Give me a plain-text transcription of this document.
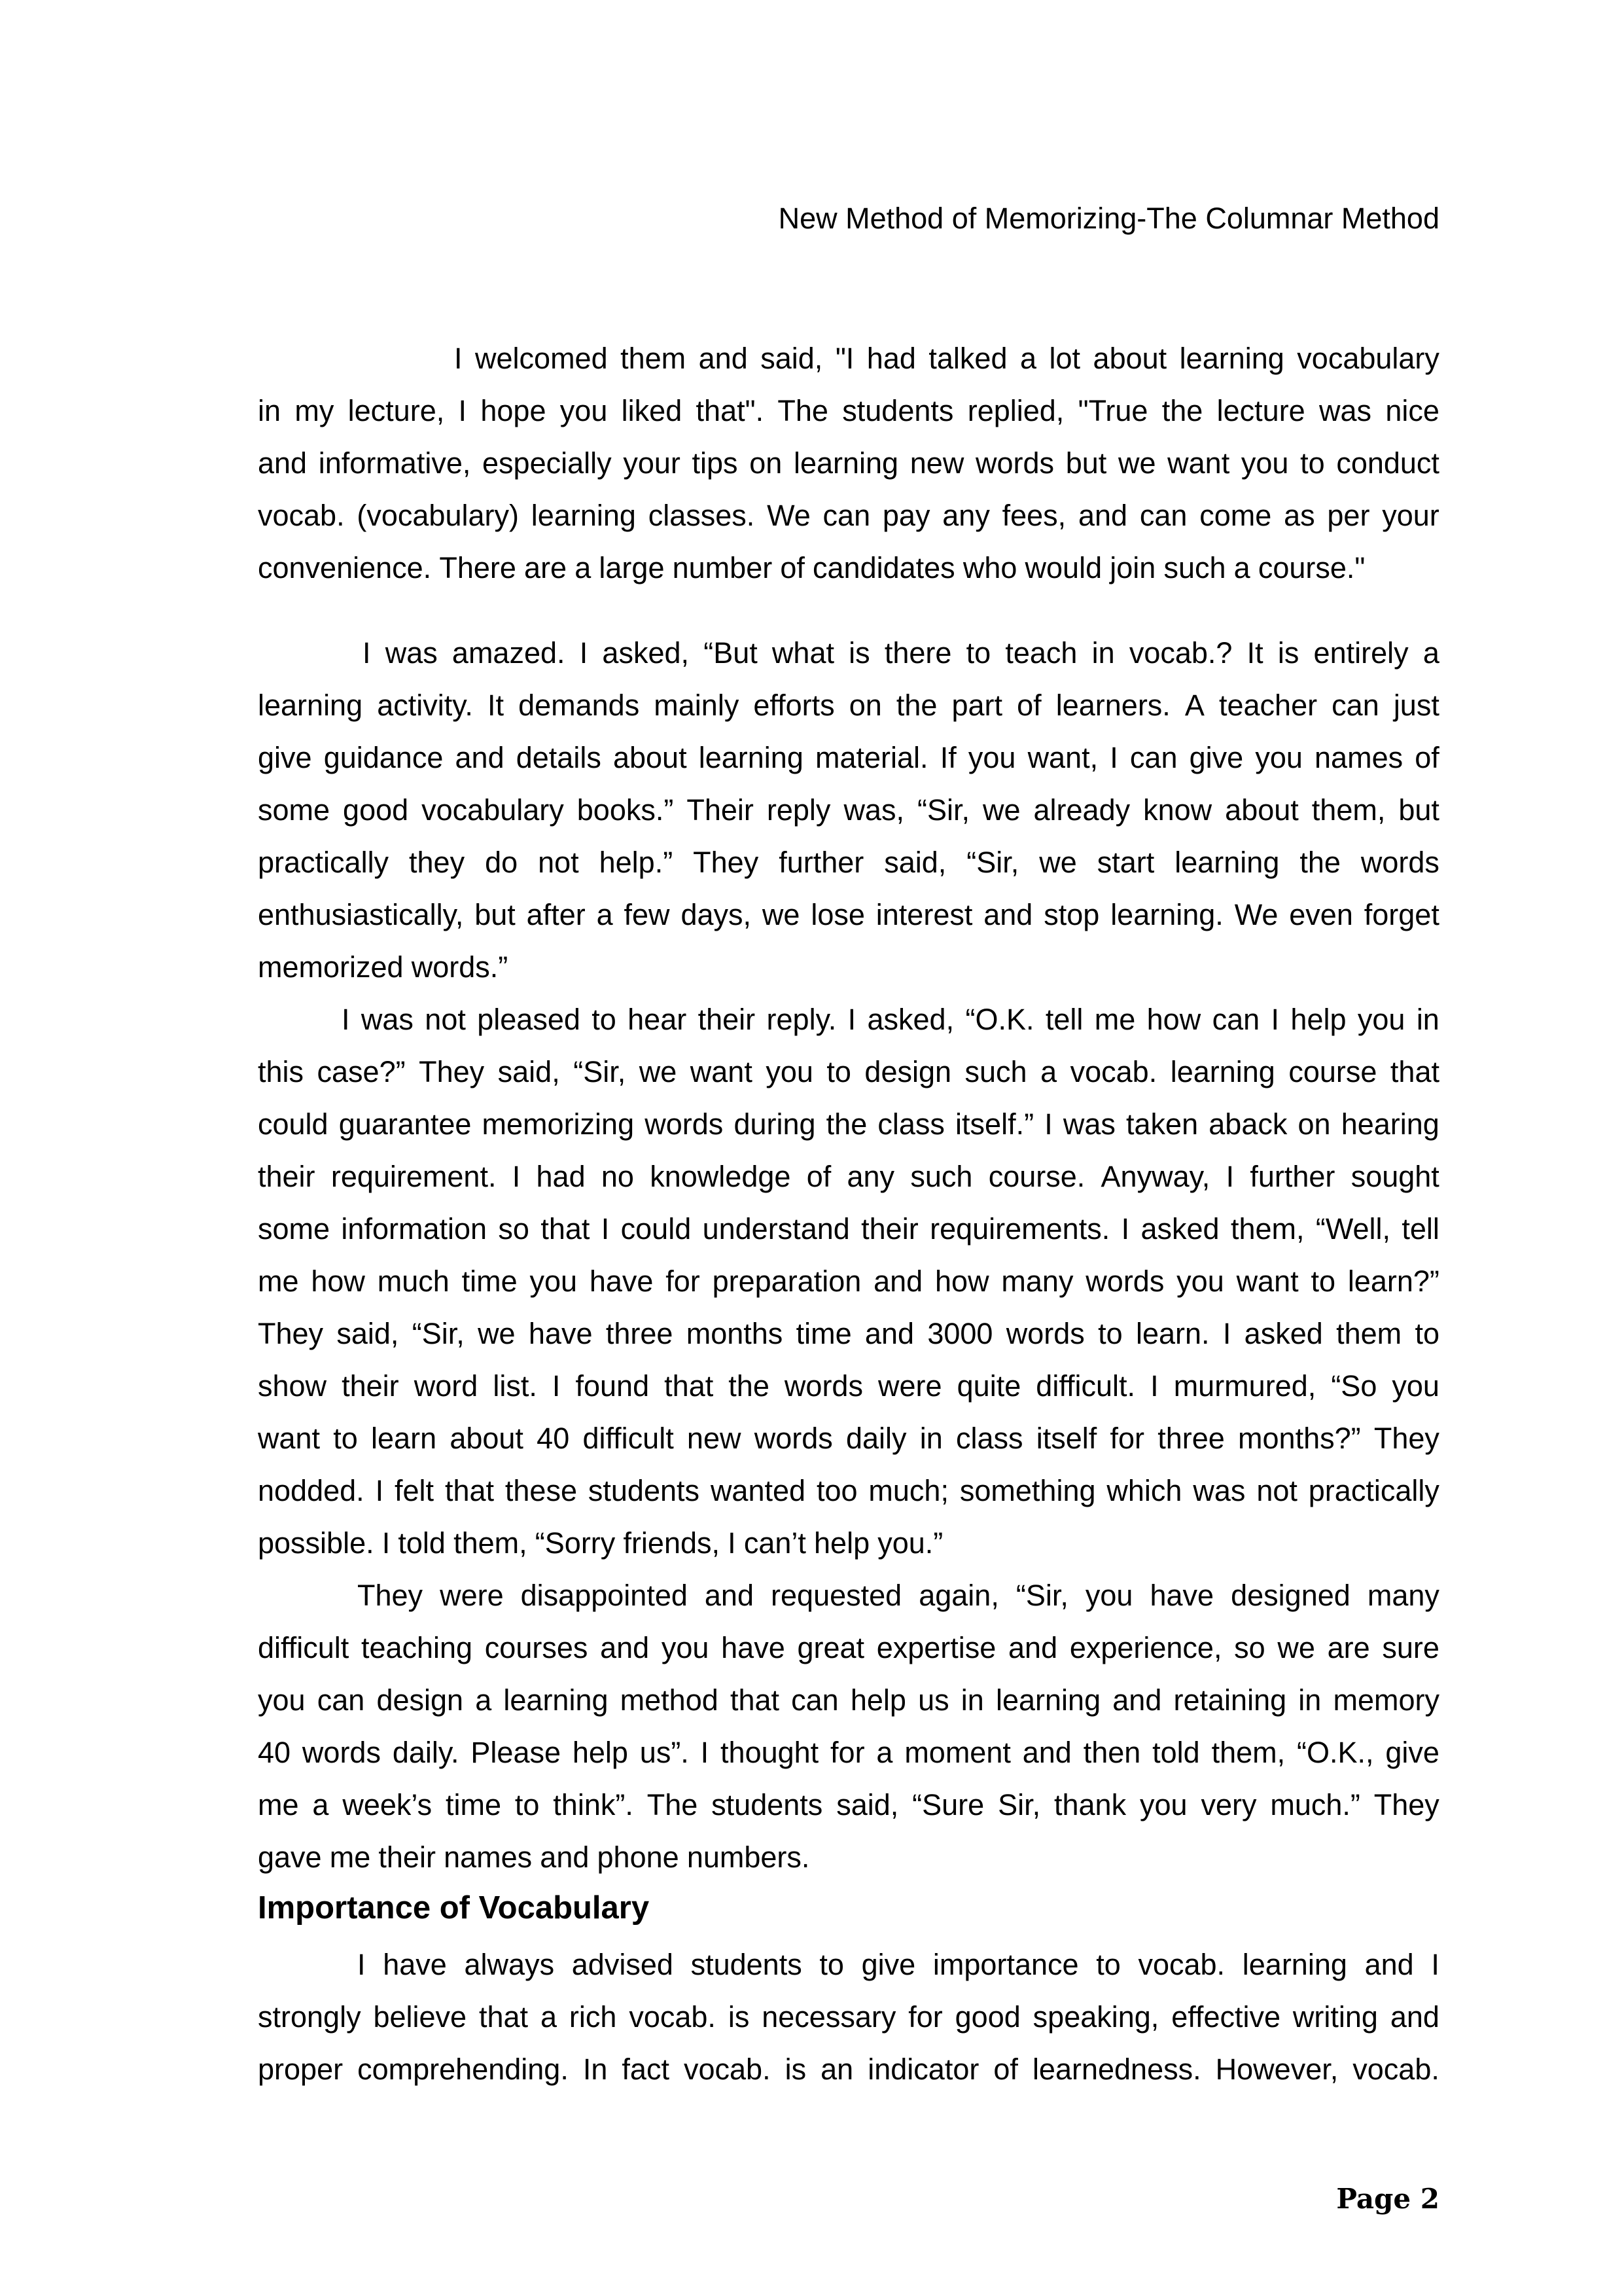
New Method of Memorizing-The Columnar Method
I welcomed them and said, "I had talked a lot about learning vocabulary
in my lecture, I hope you liked that". The students replied, "True the lecture was nice
and informative, especially your tips on learning new words but we want you to conduct
vocab. (vocabulary) learning classes. We can pay any fees, and can come as per your
convenience. There are a large number of candidates who would join such a course."
I was amazed. I asked, “But what is there to teach in vocab.? It is entirely a
learning activity. It demands mainly efforts on the part of learners. A teacher can just
give guidance and details about learning material. If you want, I can give you names of
some good vocabulary books.” Their reply was, “Sir, we already know about them, but
practically they do not help.” They further said, “Sir, we start learning the words
enthusiastically, but after a few days, we lose interest and stop learning. We even forget
memorized words.”
I was not pleased to hear their reply. I asked, “O.K. tell me how can I help you in
this case?” They said, “Sir, we want you to design such a vocab. learning course that
could guarantee memorizing words during the class itself.” I was taken aback on hearing
their requirement. I had no knowledge of any such course. Anyway, I further sought
some information so that I could understand their requirements. I asked them, “Well, tell
me how much time you have for preparation and how many words you want to learn?”
They said, “Sir, we have three months time and 3000 words to learn. I asked them to
show their word list. I found that the words were quite difficult. I murmured, “So you
want to learn about 40 difficult new words daily in class itself for three months?” They
nodded. I felt that these students wanted too much; something which was not practically
possible. I told them, “Sorry friends, I can’t help you.”
They were disappointed and requested again, “Sir, you have designed many
difficult teaching courses and you have great expertise and experience, so we are sure
you can design a learning method that can help us in learning and retaining in memory
40 words daily. Please help us”. I thought for a moment and then told them, “O.K., give
me a week’s time to think”. The students said, “Sure Sir, thank you very much.” They
gave me their names and phone numbers.
Importance of Vocabulary
I have always advised students to give importance to vocab. learning and I
strongly believe that a rich vocab. is necessary for good speaking, effective writing and
proper comprehending. In fact vocab. is an indicator of learnedness. However, vocab.
Page 2
